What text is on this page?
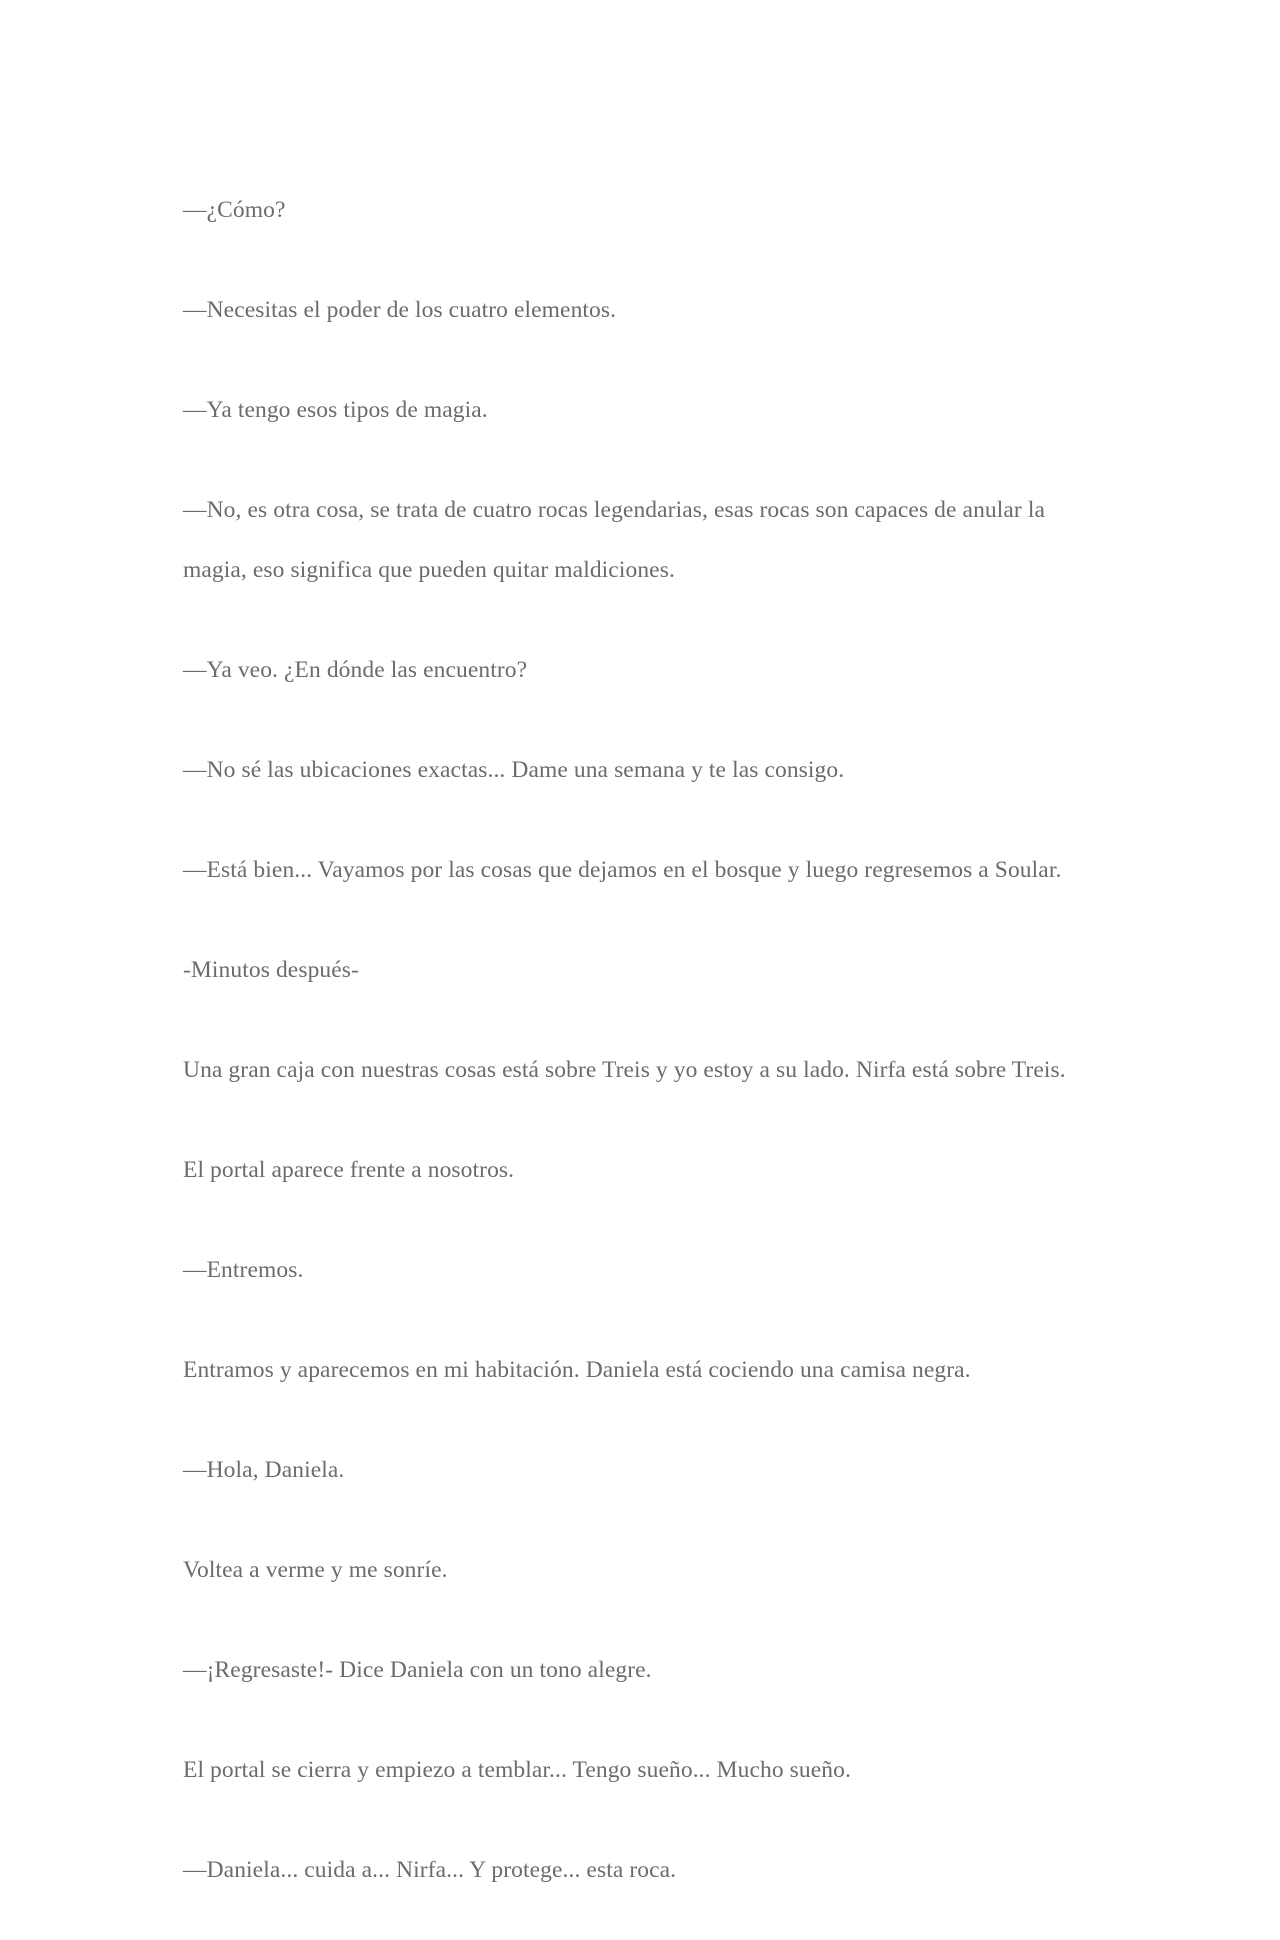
—¿Cómo?

—Necesitas el poder de los cuatro elementos.

—Ya tengo esos tipos de magia.

—No, es otra cosa, se trata de cuatro rocas legendarias, esas rocas son capaces de anular la magia, eso significa que pueden quitar maldiciones.

—Ya veo. ¿En dónde las encuentro?

—No sé las ubicaciones exactas... Dame una semana y te las consigo.

—Está bien... Vayamos por las cosas que dejamos en el bosque y luego regresemos a Soular.

-Minutos después-

Una gran caja con nuestras cosas está sobre Treis y yo estoy a su lado. Nirfa está sobre Treis.

El portal aparece frente a nosotros.

—Entremos.

Entramos y aparecemos en mi habitación. Daniela está cociendo una camisa negra.

—Hola, Daniela.

Voltea a verme y me sonríe.

—¡Regresaste!- Dice Daniela con un tono alegre.

El portal se cierra y empiezo a temblar... Tengo sueño... Mucho sueño.

—Daniela... cuida a... Nirfa... Y protege... esta roca.
